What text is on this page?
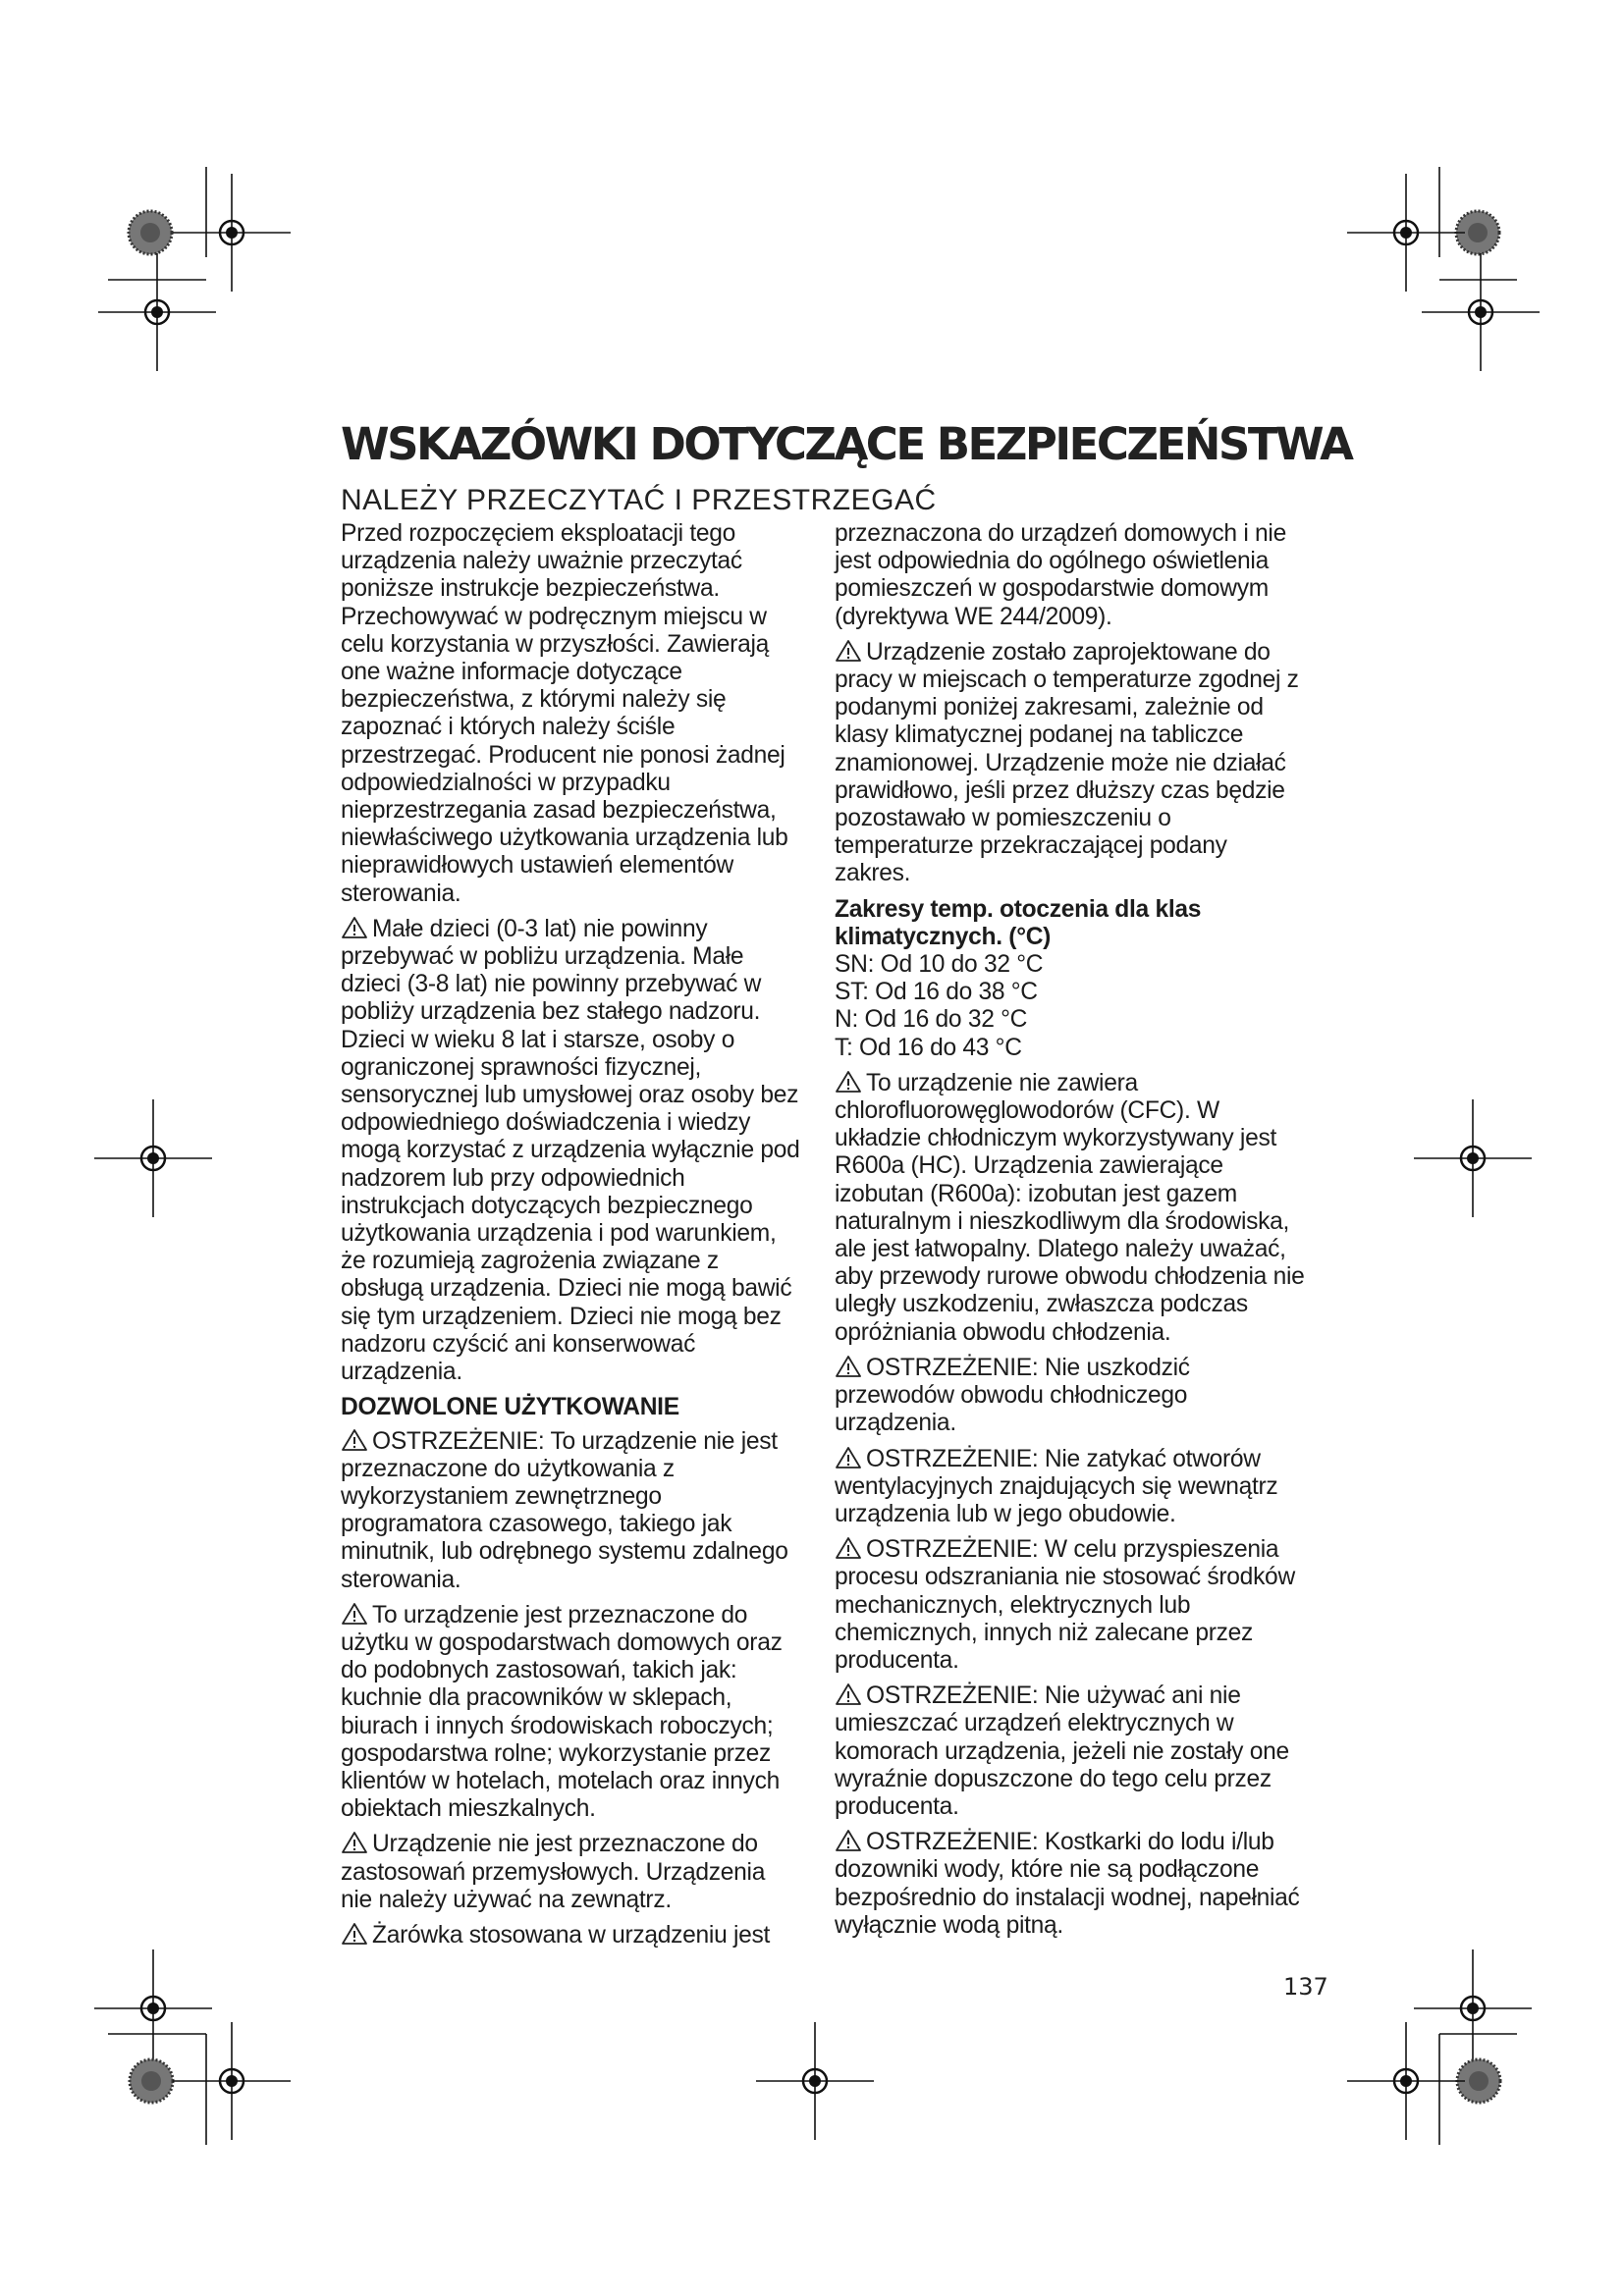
WSKAZÓWKI DOTYCZĄCE BEZPIECZEŃSTWA
NALEŻY PRZECZYTAĆ I PRZESTRZEGAĆ

Przed rozpoczęciem eksploatacji tego urządzenia należy uważnie przeczytać poniższe instrukcje bezpieczeństwa. Przechowywać w podręcznym miejscu w celu korzystania w przyszłości. Zawierają one ważne informacje dotyczące bezpieczeństwa, z którymi należy się zapoznać i których należy ściśle przestrzegać. Producent nie ponosi żadnej odpowiedzialności w przypadku nieprzestrzegania zasad bezpieczeństwa, niewłaściwego użytkowania urządzenia lub nieprawidłowych ustawień elementów sterowania.

Małe dzieci (0-3 lat) nie powinny przebywać w pobliżu urządzenia. Małe dzieci (3-8 lat) nie powinny przebywać w pobliży urządzenia bez stałego nadzoru. Dzieci w wieku 8 lat i starsze, osoby o ograniczonej sprawności fizycznej, sensorycznej lub umysłowej oraz osoby bez odpowiedniego doświadczenia i wiedzy mogą korzystać z urządzenia wyłącznie pod nadzorem lub przy odpowiednich instrukcjach dotyczących bezpiecznego użytkowania urządzenia i pod warunkiem, że rozumieją zagrożenia związane z obsługą urządzenia. Dzieci nie mogą bawić się tym urządzeniem. Dzieci nie mogą bez nadzoru czyścić ani konserwować urządzenia.

DOZWOLONE UŻYTKOWANIE

OSTRZEŻENIE: To urządzenie nie jest przeznaczone do użytkowania z wykorzystaniem zewnętrznego programatora czasowego, takiego jak minutnik, lub odrębnego systemu zdalnego sterowania.

To urządzenie jest przeznaczone do użytku w gospodarstwach domowych oraz do podobnych zastosowań, takich jak: kuchnie dla pracowników w sklepach, biurach i innych środowiskach roboczych; gospodarstwa rolne; wykorzystanie przez klientów w hotelach, motelach oraz innych obiektach mieszkalnych.

Urządzenie nie jest przeznaczone do zastosowań przemysłowych. Urządzenia nie należy używać na zewnątrz.

Żarówka stosowana w urządzeniu jest

przeznaczona do urządzeń domowych i nie jest odpowiednia do ogólnego oświetlenia pomieszczeń w gospodarstwie domowym (dyrektywa WE 244/2009).

Urządzenie zostało zaprojektowane do pracy w miejscach o temperaturze zgodnej z podanymi poniżej zakresami, zależnie od klasy klimatycznej podanej na tabliczce znamionowej. Urządzenie może nie działać prawidłowo, jeśli przez dłuższy czas będzie pozostawało w pomieszczeniu o temperaturze przekraczającej podany zakres.

Zakresy temp. otoczenia dla klas
klimatycznych. (°C)

SN: Od 10 do 32 °C
ST: Od 16 do 38 °C
N: Od 16 do 32 °C
T: Od 16 do 43 °C

To urządzenie nie zawiera chlorofluorowęglowodorów (CFC). W układzie chłodniczym wykorzystywany jest R600a (HC). Urządzenia zawierające izobutan (R600a): izobutan jest gazem naturalnym i nieszkodliwym dla środowiska, ale jest łatwopalny. Dlatego należy uważać, aby przewody rurowe obwodu chłodzenia nie uległy uszkodzeniu, zwłaszcza podczas opróżniania obwodu chłodzenia.

OSTRZEŻENIE: Nie uszkodzić przewodów obwodu chłodniczego urządzenia.

OSTRZEŻENIE: Nie zatykać otworów wentylacyjnych znajdujących się wewnątrz urządzenia lub w jego obudowie.

OSTRZEŻENIE: W celu przyspieszenia procesu odszraniania nie stosować środków mechanicznych, elektrycznych lub chemicznych, innych niż zalecane przez producenta.

OSTRZEŻENIE: Nie używać ani nie umieszczać urządzeń elektrycznych w komorach urządzenia, jeżeli nie zostały one wyraźnie dopuszczone do tego celu przez producenta.

OSTRZEŻENIE: Kostkarki do lodu i/lub dozowniki wody, które nie są podłączone bezpośrednio do instalacji wodnej, napełniać wyłącznie wodą pitną.

137
